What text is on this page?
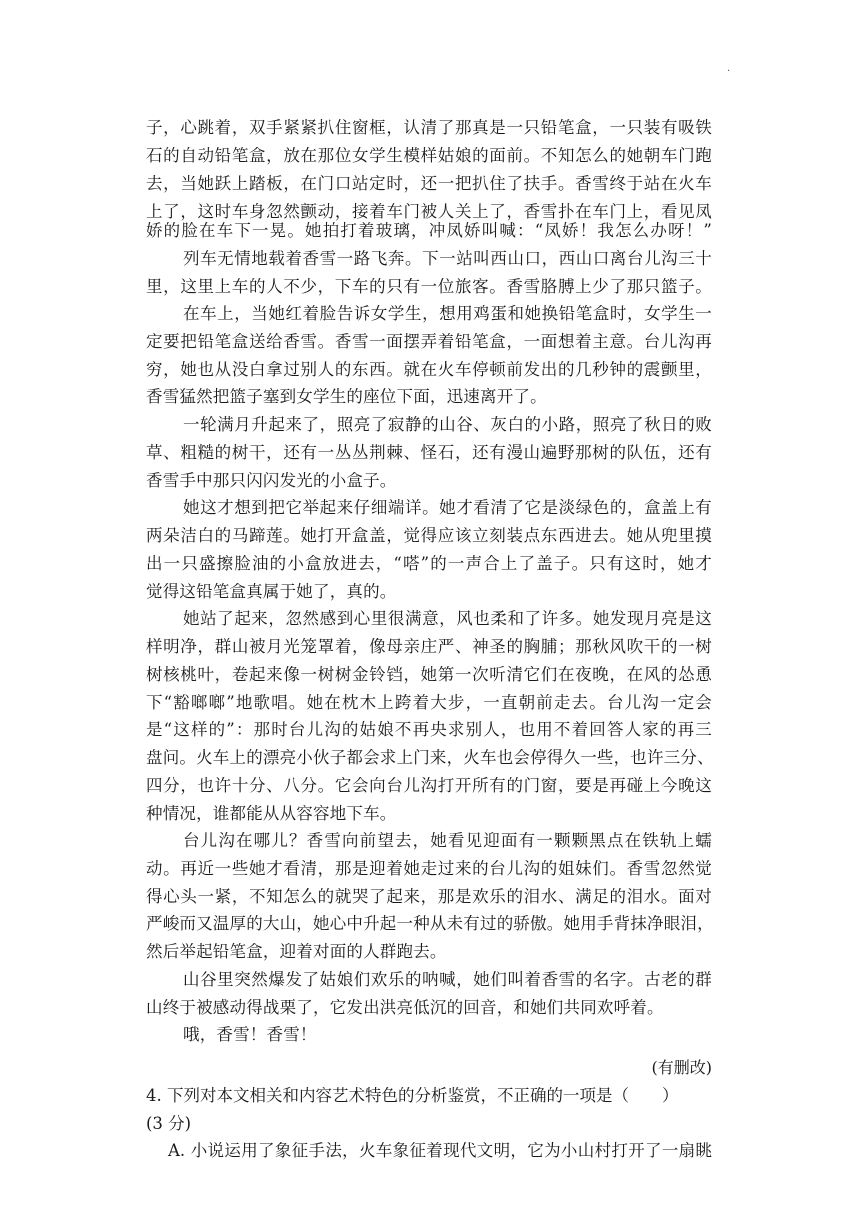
·
子，心跳着，双手紧紧扒住窗框，认清了那真是一只铅笔盒，一只装有吸铁
石的自动铅笔盒，放在那位女学生模样姑娘的面前。不知怎么的她朝车门跑
去，当她跃上踏板，在门口站定时，还一把扒住了扶手。香雪终于站在火车
上了，这时车身忽然颤动，接着车门被人关上了，香雪扑在车门上，看见凤
娇的脸在车下一晃。她拍打着玻璃，冲凤娇叫喊：“凤娇！我怎么办呀！”
列车无情地载着香雪一路飞奔。下一站叫西山口，西山口离台儿沟三十
里，这里上车的人不少，下车的只有一位旅客。香雪胳膊上少了那只篮子。
在车上，当她红着脸告诉女学生，想用鸡蛋和她换铅笔盒时，女学生一
定要把铅笔盒送给香雪。香雪一面摆弄着铅笔盒，一面想着主意。台儿沟再
穷，她也从没白拿过别人的东西。就在火车停顿前发出的几秒钟的震颤里，
香雪猛然把篮子塞到女学生的座位下面，迅速离开了。
一轮满月升起来了，照亮了寂静的山谷、灰白的小路，照亮了秋日的败
草、粗糙的树干，还有一丛丛荆棘、怪石，还有漫山遍野那树的队伍，还有
香雪手中那只闪闪发光的小盒子。
她这才想到把它举起来仔细端详。她才看清了它是淡绿色的，盒盖上有
两朵洁白的马蹄莲。她打开盒盖，觉得应该立刻装点东西进去。她从兜里摸
出一只盛擦脸油的小盒放进去，“嗒”的一声合上了盖子。只有这时，她才
觉得这铅笔盒真属于她了，真的。
她站了起来，忽然感到心里很满意，风也柔和了许多。她发现月亮是这
样明净，群山被月光笼罩着，像母亲庄严、神圣的胸脯；那秋风吹干的一树
树核桃叶，卷起来像一树树金铃铛，她第一次听清它们在夜晚，在风的怂恿
下“豁啷啷”地歌唱。她在枕木上跨着大步，一直朝前走去。台儿沟一定会
是“这样的”：那时台儿沟的姑娘不再央求别人，也用不着回答人家的再三
盘问。火车上的漂亮小伙子都会求上门来，火车也会停得久一些，也许三分、
四分，也许十分、八分。它会向台儿沟打开所有的门窗，要是再碰上今晚这
种情况，谁都能从从容容地下车。
台儿沟在哪儿？香雪向前望去，她看见迎面有一颗颗黑点在铁轨上蠕
动。再近一些她才看清，那是迎着她走过来的台儿沟的姐妹们。香雪忽然觉
得心头一紧，不知怎么的就哭了起来，那是欢乐的泪水、满足的泪水。面对
严峻而又温厚的大山，她心中升起一种从未有过的骄傲。她用手背抹净眼泪，
然后举起铅笔盒，迎着对面的人群跑去。
山谷里突然爆发了姑娘们欢乐的呐喊，她们叫着香雪的名字。古老的群
山终于被感动得战栗了，它发出洪亮低沉的回音，和她们共同欢呼着。
哦，香雪！香雪！
(有删改)
4. 下列对本文相关和内容艺术特色的分析鉴赏，不正确的一项是（　　）
(3 分)
A. 小说运用了象征手法，火车象征着现代文明，它为小山村打开了一扇眺
